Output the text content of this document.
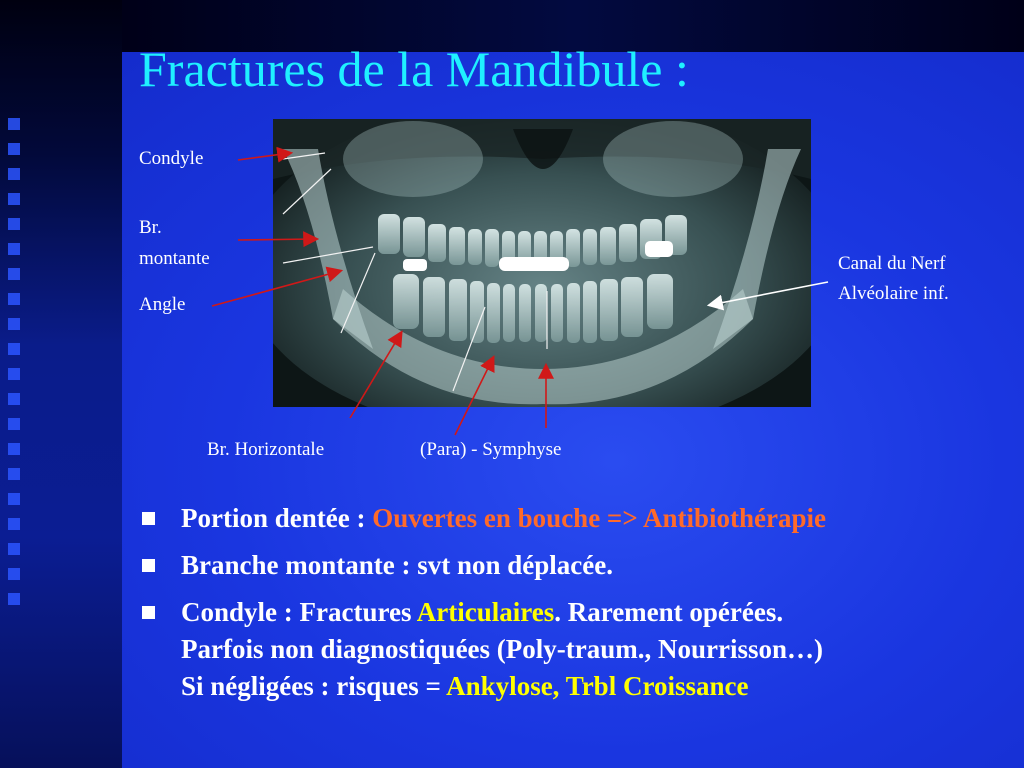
Fractures de la Mandibule :
Condyle
Br.
montante
Angle
Canal du Nerf
Alvéolaire inf.
Br. Horizontale	(Para) - Symphyse
Portion dentée : Ouvertes en bouche => Antibiothérapie
Branche montante : svt non déplacée.
Condyle : Fractures Articulaires. Rarement opérées.
Parfois non diagnostiquées (Poly-traum., Nourrisson…)
Si négligées : risques = Ankylose, Trbl Croissance
